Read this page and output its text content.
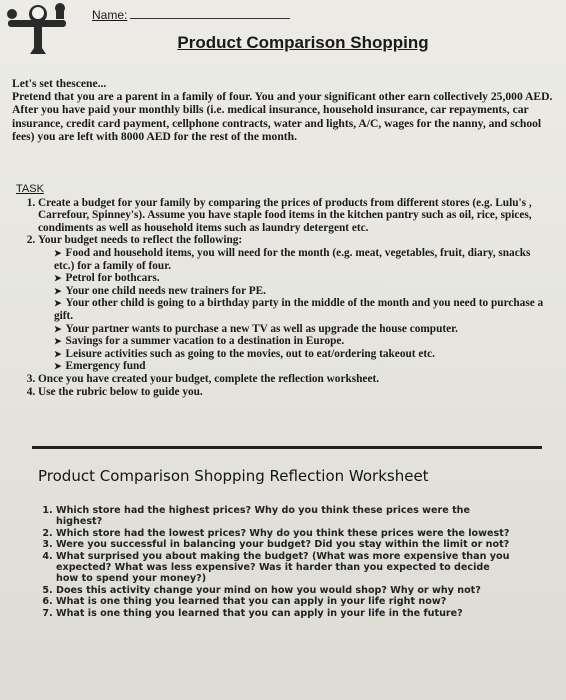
Name:
Product Comparison Shopping

Let's set thescene...

Pretend that you are a parent in a family of four. You and your significant other earn collectively 25,000 AED. After you have paid your monthly bills (i.e. medical insurance, household insurance, car repayments, car insurance, credit card payment, cellphone contracts, water and lights, A/C, wages for the nanny, and school fees) you are left with 8000 AED for the rest of the month.

TASK
1. Create a budget for your family by comparing the prices of products from different stores (e.g. Lulu's , Carrefour, Spinney's). Assume you have staple food items in the kitchen pantry such as oil, rice, spices, condiments as well as household items such as laundry detergent etc.
2. Your budget needs to reflect the following:
➤ Food and household items, you will need for the month (e.g. meat, vegetables, fruit, diary, snacks etc.) for a family of four.
➤ Petrol for bothcars.
➤ Your one child needs new trainers for PE.
➤ Your other child is going to a birthday party in the middle of the month and you need to purchase a gift.
➤ Your partner wants to purchase a new TV as well as upgrade the house computer.
➤ Savings for a summer vacation to a destination in Europe.
➤ Leisure activities such as going to the movies, out to eat/ordering takeout etc.
➤ Emergency fund
3. Once you have created your budget, complete the reflection worksheet.
4. Use the rubric below to guide you.
Product Comparison Shopping Reflection Worksheet
1. Which store had the highest prices? Why do you think these prices were the highest?
2. Which store had the lowest prices? Why do you think these prices were the lowest?
3. Were you successful in balancing your budget? Did you stay within the limit or not?
4. What surprised you about making the budget? (What was more expensive than you expected? What was less expensive? Was it harder than you expected to decide how to spend your money?)
5. Does this activity change your mind on how you would shop? Why or why not?
6. What is one thing you learned that you can apply in your life right now?
7. What is one thing you learned that you can apply in your life in the future?
